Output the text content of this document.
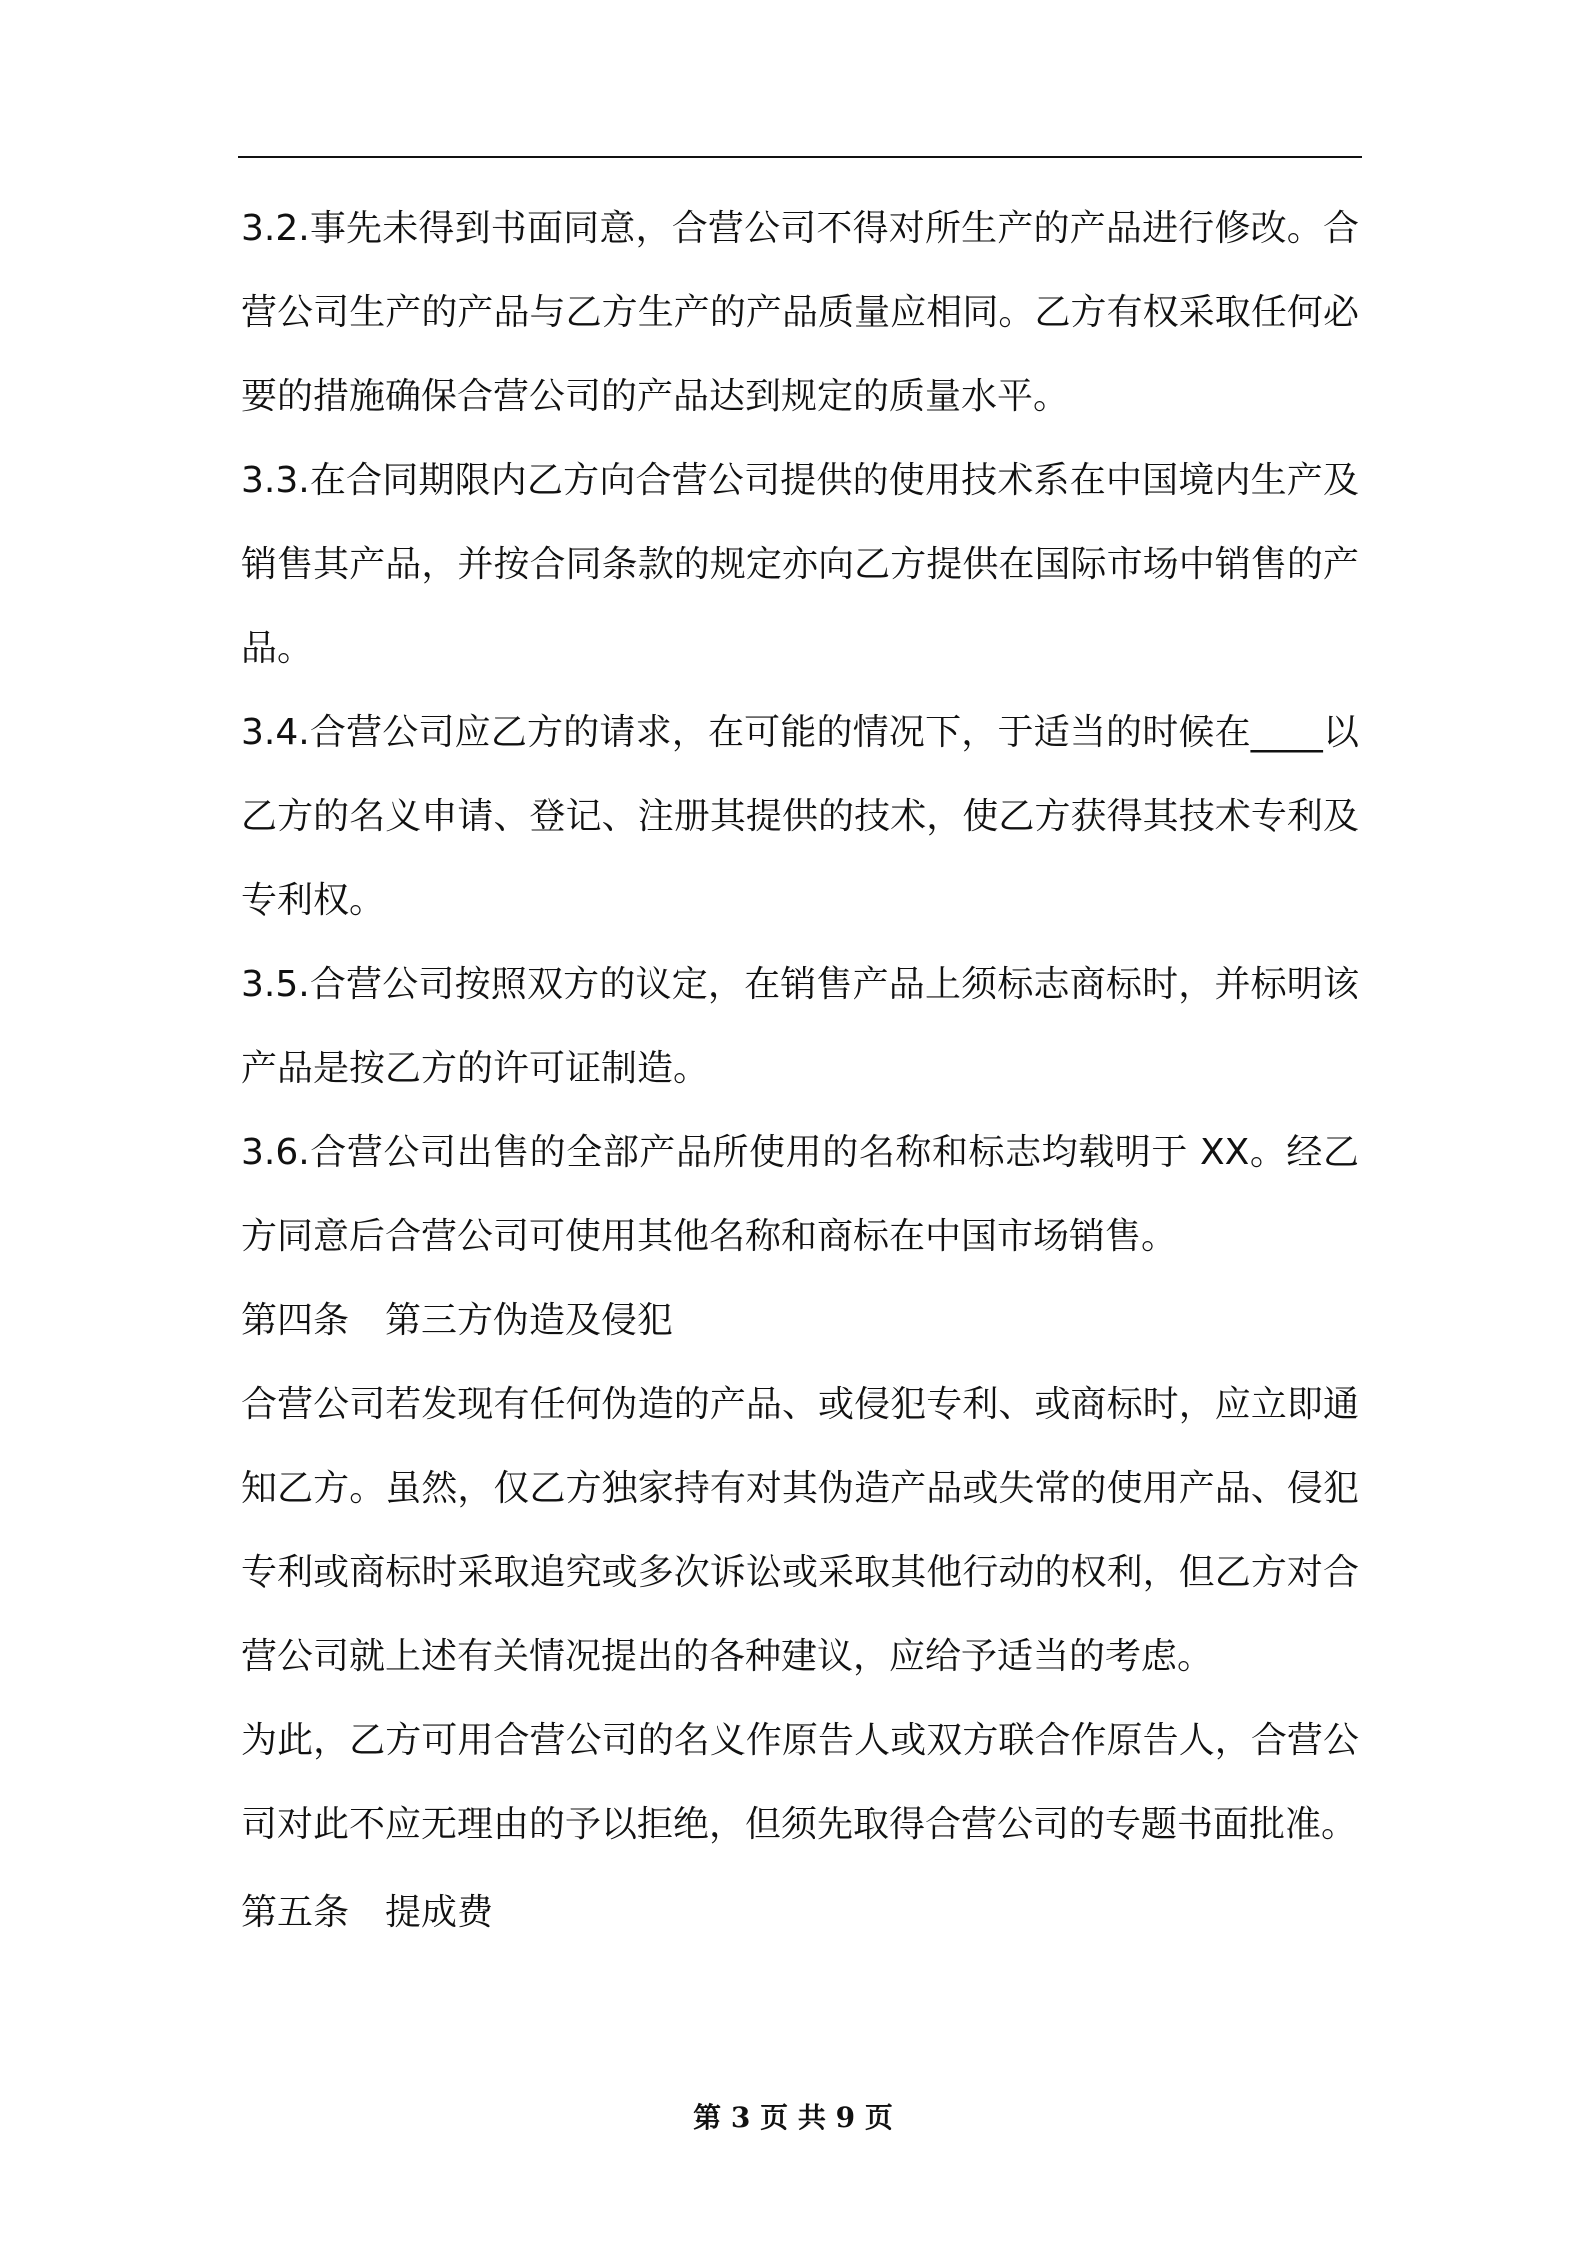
3.2.事先未得到书面同意，合营公司不得对所生产的产品进行修改。合营公司生产的产品与乙方生产的产品质量应相同。乙方有权采取任何必要的措施确保合营公司的产品达到规定的质量水平。

3.3.在合同期限内乙方向合营公司提供的使用技术系在中国境内生产及销售其产品，并按合同条款的规定亦向乙方提供在国际市场中销售的产品。

3.4.合营公司应乙方的请求，在可能的情况下，于适当的时候在____以乙方的名义申请、登记、注册其提供的技术，使乙方获得其技术专利及专利权。

3.5.合营公司按照双方的议定，在销售产品上须标志商标时，并标明该产品是按乙方的许可证制造。

3.6.合营公司出售的全部产品所使用的名称和标志均载明于 XX。经乙方同意后合营公司可使用其他名称和商标在中国市场销售。

第四条　第三方伪造及侵犯

合营公司若发现有任何伪造的产品、或侵犯专利、或商标时，应立即通知乙方。虽然，仅乙方独家持有对其伪造产品或失常的使用产品、侵犯专利或商标时采取追究或多次诉讼或采取其他行动的权利，但乙方对合营公司就上述有关情况提出的各种建议，应给予适当的考虑。

为此，乙方可用合营公司的名义作原告人或双方联合作原告人，合营公司对此不应无理由的予以拒绝，但须先取得合营公司的专题书面批准。

第五条　提成费

第 3 页 共 9 页
